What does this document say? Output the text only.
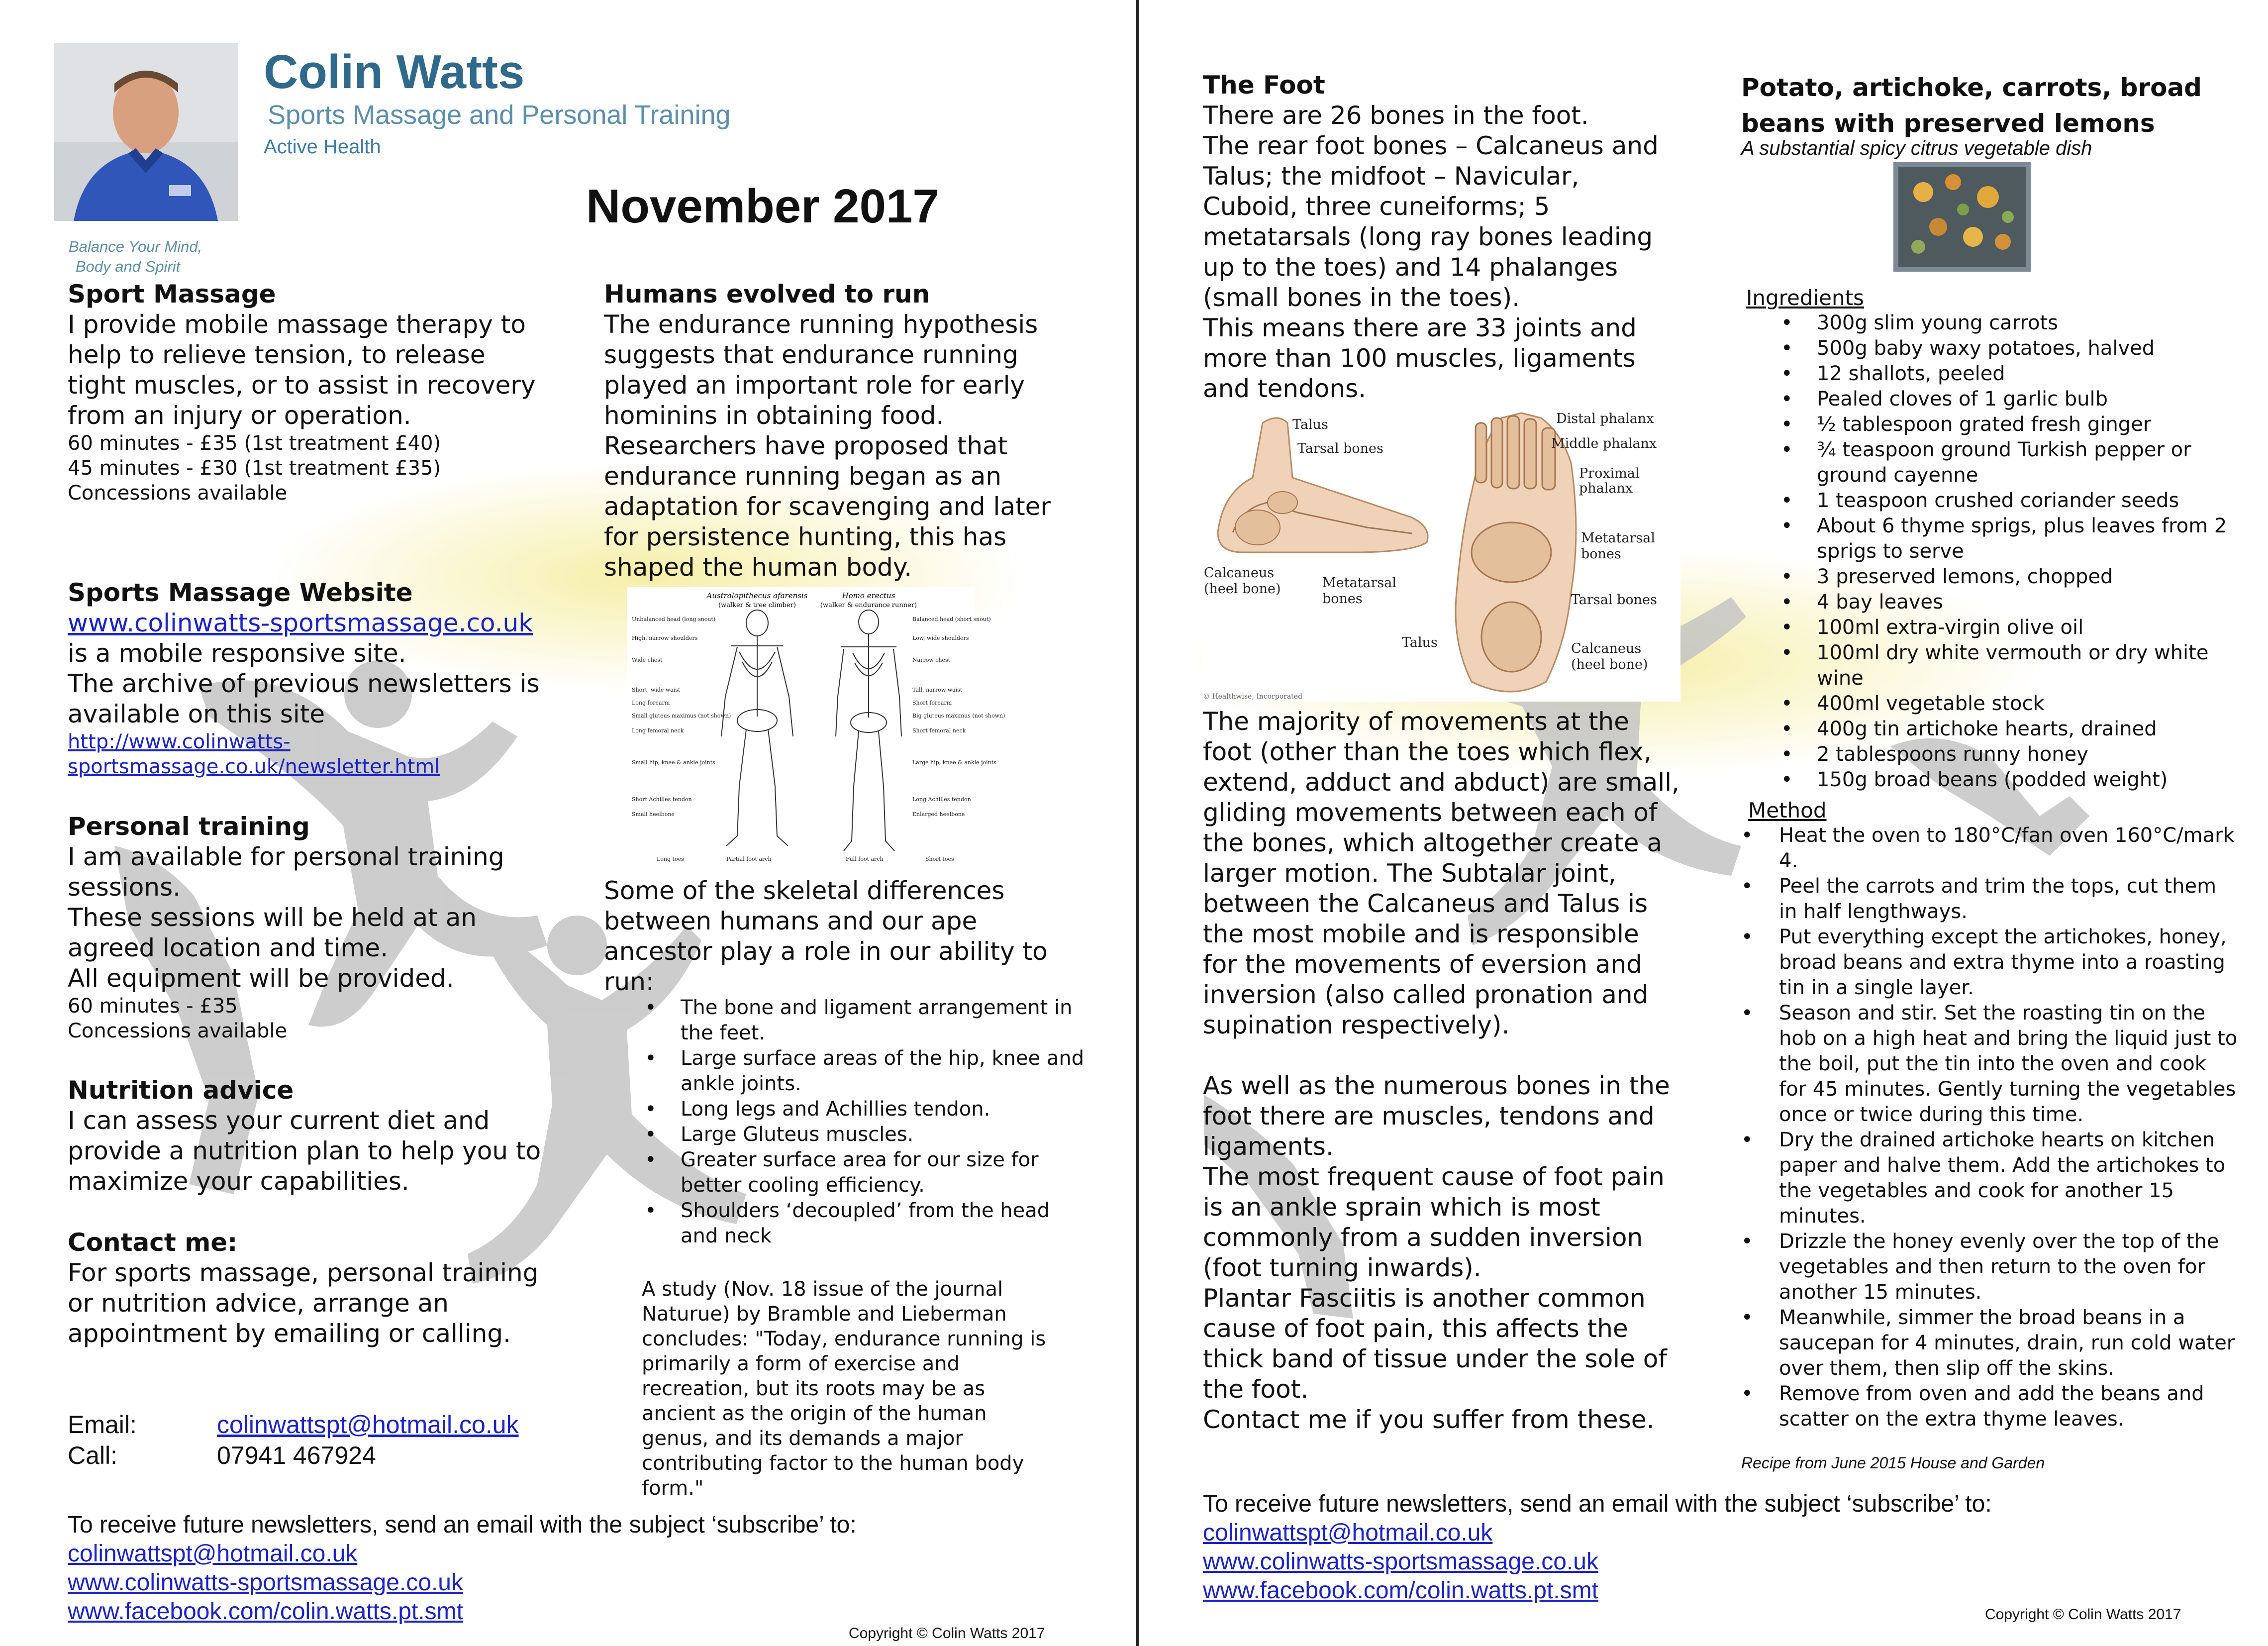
Colin Watts
Sports Massage and Personal Training
Active Health
Balance Your Mind,
Body and Spirit
November 2017
Sport Massage
I provide mobile massage therapy to help to relieve tension, to release tight muscles, or to assist in recovery from an injury or operation.
60 minutes - £35 (1st treatment £40)
45 minutes - £30 (1st treatment £35)
Concessions available
Sports Massage Website
www.colinwatts-sportsmassage.co.uk
is a mobile responsive site.
The archive of previous newsletters is available on this site
http://www.colinwatts-
sportsmassage.co.uk/newsletter.html
Personal training
I am available for personal training sessions.
These sessions will be held at an agreed location and time.
All equipment will be provided.
60 minutes - £35
Concessions available
Nutrition advice
I can assess your current diet and provide a nutrition plan to help you to maximize your capabilities.
Contact me:
For sports massage, personal training or nutrition advice, arrange an appointment by emailing or calling.
Email:	colinwattspt@hotmail.co.uk
Call:	07941 467924
Humans evolved to run
The endurance running hypothesis suggests that endurance running played an important role for early hominins in obtaining food. Researchers have proposed that endurance running began as an adaptation for scavenging and later for persistence hunting, this has shaped the human body.
Australopithecus afarensis
(walker & tree climber)
Homo erectus
(walker & endurance runner)
Unbalanced head (long snout)
High, narrow shoulders
Wide chest
Short, wide waist
Long forearm
Small gluteus maximus (not shown)
Long femoral neck
Small hip, knee & ankle joints
Short Achilles tendon
Small heelbone
Long toes	Partial foot arch
Balanced head (short snout)
Low, wide shoulders
Narrow chest
Tall, narrow waist
Short forearm
Big gluteus maximus (not shown)
Short femoral neck
Large hip, knee & ankle joints
Long Achilles tendon
Enlarged heelbone
Short toes
Full foot arch
Some of the skeletal differences between humans and our ape ancestor play a role in our ability to run:
• The bone and ligament arrangement in the feet.
• Large surface areas of the hip, knee and ankle joints.
• Long legs and Achillies tendon.
• Large Gluteus muscles.
• Greater surface area for our size for better cooling efficiency.
• Shoulders ‘decoupled’ from the head and neck
A study (Nov. 18 issue of the journal Naturue) by Bramble and Lieberman concludes: "Today, endurance running is primarily a form of exercise and recreation, but its roots may be as ancient as the origin of the human genus, and its demands a major contributing factor to the human body form."
To receive future newsletters, send an email with the subject ‘subscribe’ to:
colinwattspt@hotmail.co.uk
www.colinwatts-sportsmassage.co.uk
www.facebook.com/colin.watts.pt.smt
Copyright © Colin Watts 2017
The Foot
There are 26 bones in the foot.
The rear foot bones – Calcaneus and Talus; the midfoot – Navicular, Cuboid, three cuneiforms; 5 metatarsals (long ray bones leading up to the toes) and 14 phalanges (small bones in the toes).
This means there are 33 joints and more than 100 muscles, ligaments and tendons.
Talus
Tarsal bones
Calcaneus
(heel bone)	Metatarsal
bones
Talus
Distal phalanx
Middle phalanx
Proximal
phalanx
Metatarsal
bones
Tarsal bones
Calcaneus
(heel bone)
© Healthwise, Incorporated
The majority of movements at the foot (other than the toes which flex, extend, adduct and abduct) are small, gliding movements between each of the bones, which altogether create a larger motion. The Subtalar joint, between the Calcaneus and Talus is the most mobile and is responsible for the movements of eversion and inversion (also called pronation and supination respectively).
As well as the numerous bones in the foot there are muscles, tendons and ligaments.
The most frequent cause of foot pain is an ankle sprain which is most commonly from a sudden inversion (foot turning inwards).
Plantar Fasciitis is another common cause of foot pain, this affects the thick band of tissue under the sole of the foot.
Contact me if you suffer from these.
Potato, artichoke, carrots, broad beans with preserved lemons
A substantial spicy citrus vegetable dish
Ingredients
• 300g slim young carrots
• 500g baby waxy potatoes, halved
• 12 shallots, peeled
• Pealed cloves of 1 garlic bulb
• ½ tablespoon grated fresh ginger
• ¾ teaspoon ground Turkish pepper or ground cayenne
• 1 teaspoon crushed coriander seeds
• About 6 thyme sprigs, plus leaves from 2 sprigs to serve
• 3 preserved lemons, chopped
• 4 bay leaves
• 100ml extra-virgin olive oil
• 100ml dry white vermouth or dry white wine
• 400ml vegetable stock
• 400g tin artichoke hearts, drained
• 2 tablespoons runny honey
• 150g broad beans (podded weight)
Method
• Heat the oven to 180°C/fan oven 160°C/mark 4.
• Peel the carrots and trim the tops, cut them in half lengthways.
• Put everything except the artichokes, honey, broad beans and extra thyme into a roasting tin in a single layer.
• Season and stir. Set the roasting tin on the hob on a high heat and bring the liquid just to the boil, put the tin into the oven and cook for 45 minutes. Gently turning the vegetables once or twice during this time.
• Dry the drained artichoke hearts on kitchen paper and halve them. Add the artichokes to the vegetables and cook for another 15 minutes.
• Drizzle the honey evenly over the top of the vegetables and then return to the oven for another 15 minutes.
• Meanwhile, simmer the broad beans in a saucepan for 4 minutes, drain, run cold water over them, then slip off the skins.
• Remove from oven and add the beans and scatter on the extra thyme leaves.
Recipe from June 2015 House and Garden
To receive future newsletters, send an email with the subject ‘subscribe’ to:
colinwattspt@hotmail.co.uk
www.colinwatts-sportsmassage.co.uk
www.facebook.com/colin.watts.pt.smt
Copyright © Colin Watts 2017
